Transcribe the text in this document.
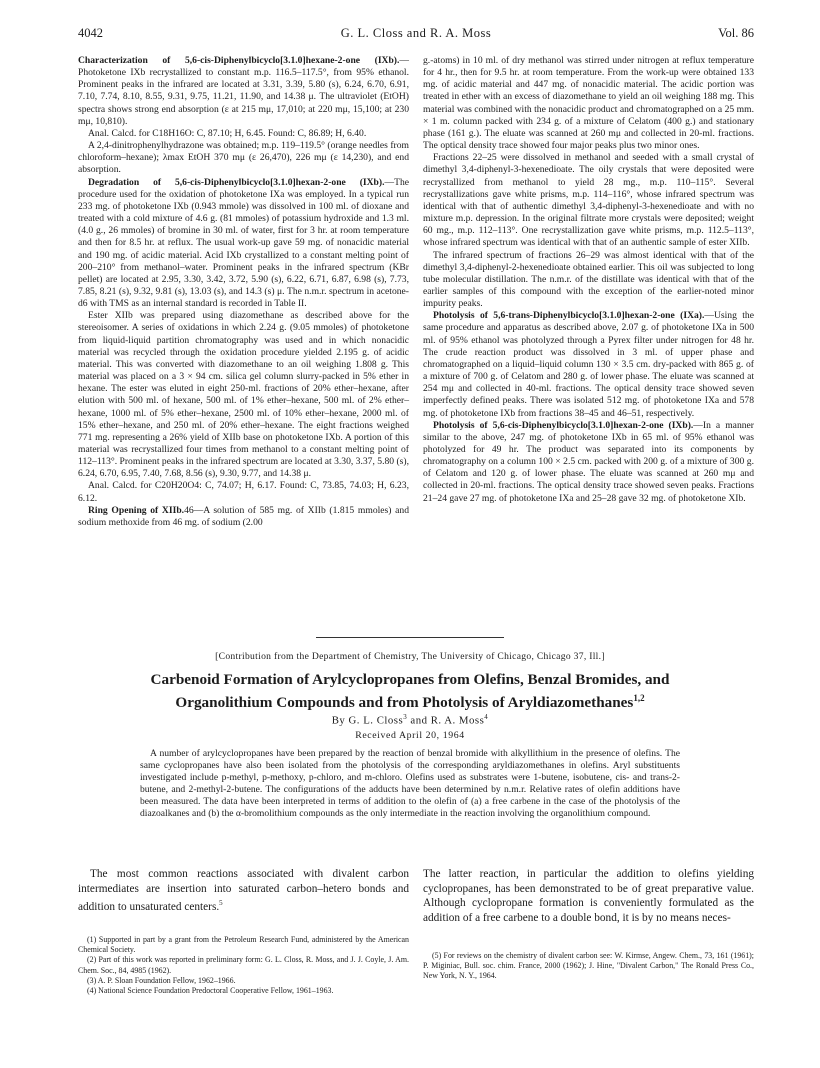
4042	G. L. Closs and R. A. Moss	Vol. 86

Characterization of 5,6-cis-Diphenylbicyclo[3.1.0]hexane-2-one (IXb).—Photoketone IXb recrystallized to constant m.p. 116.5–117.5°, from 95% ethanol. Prominent peaks in the infrared are located at 3.31, 3.39, 5.80 (s), 6.24, 6.70, 6.91, 7.10, 7.74, 8.10, 8.55, 9.31, 9.75, 11.21, 11.90, and 14.38 μ. The ultraviolet (EtOH) spectra shows strong end absorption (ε at 215 mμ, 17,010; at 220 mμ, 15,100; at 230 mμ, 10,810).

Anal. Calcd. for C18H16O: C, 87.10; H, 6.45. Found: C, 86.89; H, 6.40.

A 2,4-dinitrophenylhydrazone was obtained; m.p. 119–119.5° (orange needles from chloroform–hexane); λmax EtOH 370 mμ (ε 26,470), 226 mμ (ε 14,230), and end absorption.

Degradation of 5,6-cis-Diphenylbicyclo[3.1.0]hexan-2-one (IXb).—The procedure used for the oxidation of photoketone IXa was employed. In a typical run 233 mg. of photoketone IXb (0.943 mmole) was dissolved in 100 ml. of dioxane and treated with a cold mixture of 4.6 g. (81 mmoles) of potassium hydroxide and 1.3 ml. (4.0 g., 26 mmoles) of bromine in 30 ml. of water, first for 3 hr. at room temperature and then for 8.5 hr. at reflux. The usual work-up gave 59 mg. of nonacidic material and 190 mg. of acidic material. Acid IXb crystallized to a constant melting point of 200–210° from methanol–water. Prominent peaks in the infrared spectrum (KBr pellet) are located at 2.95, 3.30, 3.42, 3.72, 5.90 (s), 6.22, 6.71, 6.87, 6.98 (s), 7.73, 7.85, 8.21 (s), 9.32, 9.81 (s), 13.03 (s), and 14.3 (s) μ. The n.m.r. spectrum in acetone-d6 with TMS as an internal standard is recorded in Table II.

Ester XIIb was prepared using diazomethane as described above for the stereoisomer. A series of oxidations in which 2.24 g. (9.05 mmoles) of photoketone from liquid-liquid partition chromatography was used and in which nonacidic material was recycled through the oxidation procedure yielded 2.195 g. of acidic material. This was converted with diazomethane to an oil weighing 1.808 g. This material was placed on a 3 × 94 cm. silica gel column slurry-packed in 5% ether in hexane. The ester was eluted in eight 250-ml. fractions of 20% ether–hexane, after elution with 500 ml. of hexane, 500 ml. of 1% ether–hexane, 500 ml. of 2% ether–hexane, 1000 ml. of 5% ether–hexane, 2500 ml. of 10% ether–hexane, 2000 ml. of 15% ether–hexane, and 250 ml. of 20% ether–hexane. The eight fractions weighed 771 mg. representing a 26% yield of XIIb base on photoketone IXb. A portion of this material was recrystallized four times from methanol to a constant melting point of 112–113°. Prominent peaks in the infrared spectrum are located at 3.30, 3.37, 5.80 (s), 6.24, 6.70, 6.95, 7.40, 7.68, 8.56 (s), 9.30, 9.77, and 14.38 μ.

Anal. Calcd. for C20H20O4: C, 74.07; H, 6.17. Found: C, 73.85, 74.03; H, 6.23, 6.12.

Ring Opening of XIIb.46—A solution of 585 mg. of XIIb (1.815 mmoles) and sodium methoxide from 46 mg. of sodium (2.00

g.-atoms) in 10 ml. of dry methanol was stirred under nitrogen at reflux temperature for 4 hr., then for 9.5 hr. at room temperature. From the work-up were obtained 133 mg. of acidic material and 447 mg. of nonacidic material. The acidic portion was treated in ether with an excess of diazomethane to yield an oil weighing 188 mg. This material was combined with the nonacidic product and chromatographed on a 25 mm. × 1 m. column packed with 234 g. of a mixture of Celatom (400 g.) and stationary phase (161 g.). The eluate was scanned at 260 mμ and collected in 20-ml. fractions. The optical density trace showed four major peaks plus two minor ones.

Fractions 22–25 were dissolved in methanol and seeded with a small crystal of dimethyl 3,4-diphenyl-3-hexenedioate. The oily crystals that were deposited were recrystallized from methanol to yield 28 mg., m.p. 110–115°. Several recrystallizations gave white prisms, m.p. 114–116°, whose infrared spectrum was identical with that of authentic dimethyl 3,4-diphenyl-3-hexenedioate and with no mixture m.p. depression. In the original filtrate more crystals were deposited; weight 60 mg., m.p. 112–113°. One recrystallization gave white prisms, m.p. 112.5–113°, whose infrared spectrum was identical with that of an authentic sample of ester XIIb.

The infrared spectrum of fractions 26–29 was almost identical with that of the dimethyl 3,4-diphenyl-2-hexenedioate obtained earlier. This oil was subjected to long tube molecular distillation. The n.m.r. of the distillate was identical with that of the earlier samples of this compound with the exception of the earlier-noted minor impurity peaks.

Photolysis of 5,6-trans-Diphenylbicyclo[3.1.0]hexan-2-one (IXa).—Using the same procedure and apparatus as described above, 2.07 g. of photoketone IXa in 500 ml. of 95% ethanol was photolyzed through a Pyrex filter under nitrogen for 48 hr. The crude reaction product was dissolved in 3 ml. of upper phase and chromatographed on a liquid–liquid column 130 × 3.5 cm. dry-packed with 865 g. of a mixture of 700 g. of Celatom and 280 g. of lower phase. The eluate was scanned at 254 mμ and collected in 40-ml. fractions. The optical density trace showed seven imperfectly defined peaks. There was isolated 512 mg. of photoketone IXa and 578 mg. of photoketone IXb from fractions 38–45 and 46–51, respectively.

Photolysis of 5,6-cis-Diphenylbicyclo[3.1.0]hexan-2-one (IXb).—In a manner similar to the above, 247 mg. of photoketone IXb in 65 ml. of 95% ethanol was photolyzed for 49 hr. The product was separated into its components by chromatography on a column 100 × 2.5 cm. packed with 200 g. of a mixture of 300 g. of Celatom and 120 g. of lower phase. The eluate was scanned at 260 mμ and collected in 20-ml. fractions. The optical density trace showed seven peaks. Fractions 21–24 gave 27 mg. of photoketone IXa and 25–28 gave 32 mg. of photoketone XIb.

[Contribution from the Department of Chemistry, The University of Chicago, Chicago 37, Ill.]
Carbenoid Formation of Arylcyclopropanes from Olefins, Benzal Bromides, and
Organolithium Compounds and from Photolysis of Aryldiazomethanes$^{1,2}$
By G. L. Closs$^3$ and R. A. Moss$^4$
Received April 20, 1964
A number of arylcyclopropanes have been prepared by the reaction of benzal bromide with alkyllithium in the presence of olefins. The same cyclopropanes have also been isolated from the photolysis of the corresponding aryldiazomethanes in olefins. Aryl substituents investigated include p-methyl, p-methoxy, p-chloro, and m-chloro. Olefins used as substrates were 1-butene, isobutene, cis- and trans-2-butene, and 2-methyl-2-butene. The configurations of the adducts have been determined by n.m.r. Relative rates of olefin additions have been measured. The data have been interpreted in terms of addition to the olefin of (a) a free carbene in the case of the photolysis of the diazoalkanes and (b) the α-bromolithium compounds as the only intermediate in the reaction involving the organolithium compound.

The most common reactions associated with divalent carbon intermediates are insertion into saturated carbon–hetero bonds and addition to unsaturated centers.$^5$

The latter reaction, in particular the addition to olefins yielding cyclopropanes, has been demonstrated to be of great preparative value. Although cyclopropane formation is conveniently formulated as the addition of a free carbene to a double bond, it is by no means neces-

(1) Supported in part by a grant from the Petroleum Research Fund, administered by the American Chemical Society.

(2) Part of this work was reported in preliminary form: G. L. Closs, R. Moss, and J. J. Coyle, J. Am. Chem. Soc., 84, 4985 (1962).

(3) A. P. Sloan Foundation Fellow, 1962–1966.

(4) National Science Foundation Predoctoral Cooperative Fellow, 1961–1963.

(5) For reviews on the chemistry of divalent carbon see: W. Kirmse, Angew. Chem., 73, 161 (1961); P. Miginiac, Bull. soc. chim. France, 2000 (1962); J. Hine, "Divalent Carbon," The Ronald Press Co., New York, N. Y., 1964.
